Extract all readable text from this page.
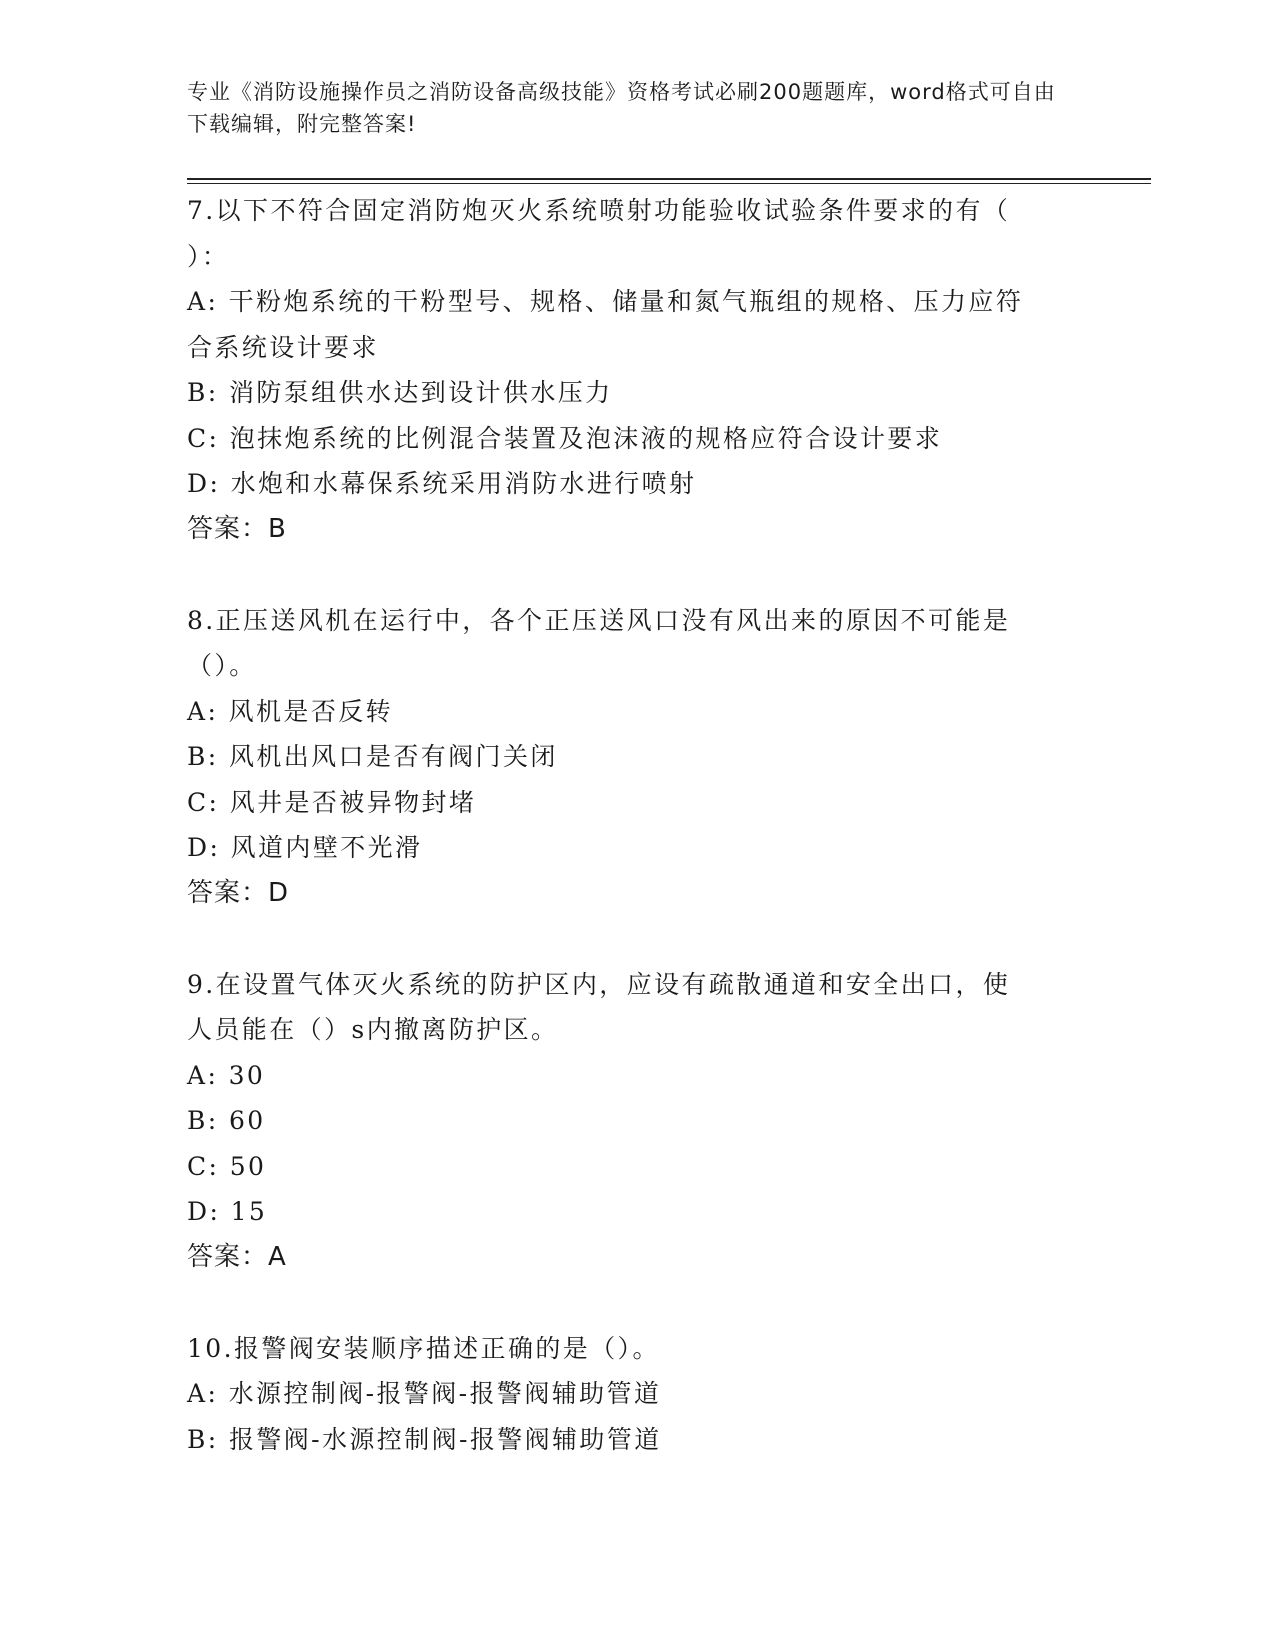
专业《消防设施操作员之消防设备高级技能》资格考试必刷200题题库，word格式可自由下载编辑，附完整答案!

7.以下不符合固定消防炮灭火系统喷射功能验收试验条件要求的有（
）：

A: 干粉炮系统的干粉型号、规格、储量和氮气瓶组的规格、压力应符
合系统设计要求

B: 消防泵组供水达到设计供水压力

C: 泡抹炮系统的比例混合装置及泡沫液的规格应符合设计要求

D: 水炮和水幕保系统采用消防水进行喷射

答案：B

8.正压送风机在运行中，各个正压送风口没有风出来的原因不可能是
（）。

A: 风机是否反转

B: 风机出风口是否有阀门关闭

C: 风井是否被异物封堵

D: 风道内壁不光滑

答案：D

9.在设置气体灭火系统的防护区内，应设有疏散通道和安全出口，使
人员能在（）s内撤离防护区。

A: 30

B: 60

C: 50

D: 15

答案：A

10.报警阀安装顺序描述正确的是（）。

A: 水源控制阀-报警阀-报警阀辅助管道

B: 报警阀-水源控制阀-报警阀辅助管道
